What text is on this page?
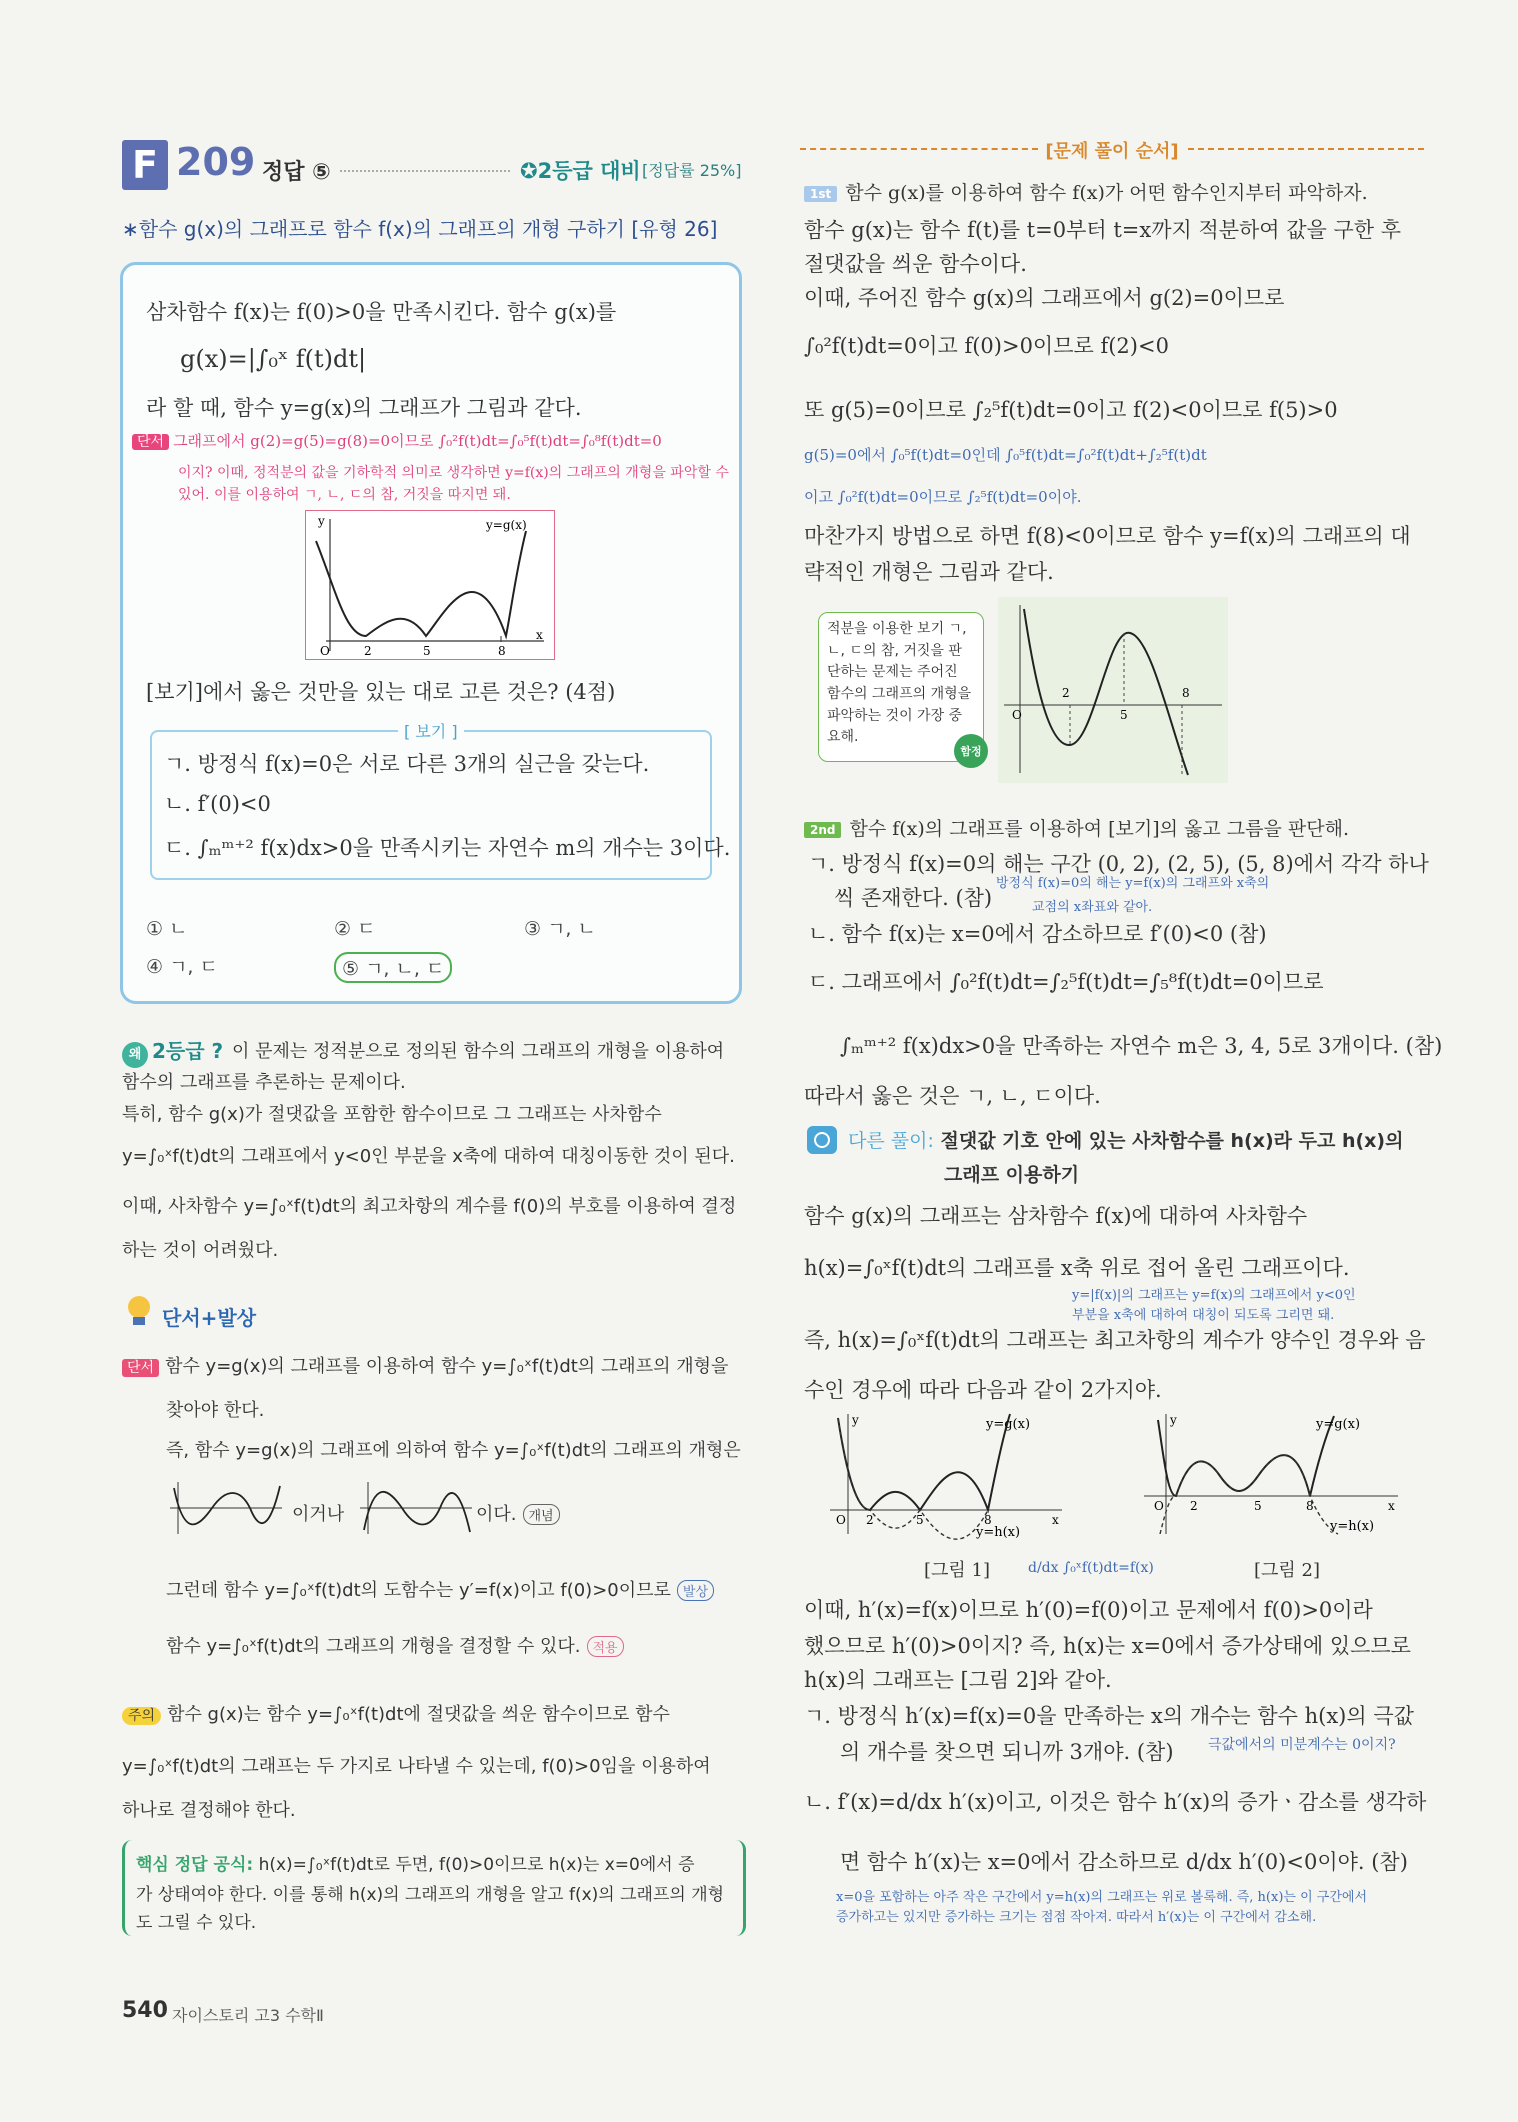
F 209 정답 ⑤	✪2등급 대비 [정답률 25%]
∗함수 g(x)의 그래프로 함수 f(x)의 그래프의 개형 구하기 [유형 26]
삼차함수 f(x)는 f(0)>0을 만족시킨다. 함수 g(x)를
g(x)=|∫₀ˣ f(t)dt|
라 할 때, 함수 y=g(x)의 그래프가 그림과 같다.
단서 그래프에서 g(2)=g(5)=g(8)=0이므로 ∫₀²f(t)dt=∫₀⁵f(t)dt=∫₀⁸f(t)dt=0
이지? 이때, 정적분의 값을 기하학적 의미로 생각하면 y=f(x)의 그래프의 개형을 파악할 수
있어. 이를 이용하여 ㄱ, ㄴ, ㄷ의 참, 거짓을 따지면 돼.
y
x
y=g(x)
O	2	5	8
[보기]에서 옳은 것만을 있는 대로 고른 것은? (4점)
[ 보기 ]
ㄱ. 방정식 f(x)=0은 서로 다른 3개의 실근을 갖는다.
ㄴ. f′(0)<0
ㄷ. ∫ₘᵐ⁺² f(x)dx>0을 만족시키는 자연수 m의 개수는 3이다.
① ㄴ	② ㄷ	③ ㄱ, ㄴ
④ ㄱ, ㄷ	⑤ ㄱ, ㄴ, ㄷ
왜 2등급 ? 이 문제는 정적분으로 정의된 함수의 그래프의 개형을 이용하여
함수의 그래프를 추론하는 문제이다.
특히, 함수 g(x)가 절댓값을 포함한 함수이므로 그 그래프는 사차함수
y=∫₀ˣf(t)dt의 그래프에서 y<0인 부분을 x축에 대하여 대칭이동한 것이 된다.
이때, 사차함수 y=∫₀ˣf(t)dt의 최고차항의 계수를 f(0)의 부호를 이용하여 결정
하는 것이 어려웠다.
단서+발상
단서 함수 y=g(x)의 그래프를 이용하여 함수 y=∫₀ˣf(t)dt의 그래프의 개형을
찾아야 한다.
즉, 함수 y=g(x)의 그래프에 의하여 함수 y=∫₀ˣf(t)dt의 그래프의 개형은
이거나	이다. 개념
그런데 함수 y=∫₀ˣf(t)dt의 도함수는 y′=f(x)이고 f(0)>0이므로 발상
함수 y=∫₀ˣf(t)dt의 그래프의 개형을 결정할 수 있다. 적용
주의 함수 g(x)는 함수 y=∫₀ˣf(t)dt에 절댓값을 씌운 함수이므로 함수
y=∫₀ˣf(t)dt의 그래프는 두 가지로 나타낼 수 있는데, f(0)>0임을 이용하여
하나로 결정해야 한다.
핵심 정답 공식: h(x)=∫₀ˣf(t)dt로 두면, f(0)>0이므로 h(x)는 x=0에서 증
가 상태여야 한다. 이를 통해 h(x)의 그래프의 개형을 알고 f(x)의 그래프의 개형
도 그릴 수 있다.
540 자이스토리 고3 수학Ⅱ
[문제 풀이 순서]
1st 함수 g(x)를 이용하여 함수 f(x)가 어떤 함수인지부터 파악하자.
함수 g(x)는 함수 f(t)를 t=0부터 t=x까지 적분하여 값을 구한 후
절댓값을 씌운 함수이다.
이때, 주어진 함수 g(x)의 그래프에서 g(2)=0이므로
∫₀²f(t)dt=0이고 f(0)>0이므로 f(2)<0
또 g(5)=0이므로 ∫₂⁵f(t)dt=0이고 f(2)<0이므로 f(5)>0
g(5)=0에서 ∫₀⁵f(t)dt=0인데 ∫₀⁵f(t)dt=∫₀²f(t)dt+∫₂⁵f(t)dt
이고 ∫₀²f(t)dt=0이므로 ∫₂⁵f(t)dt=0이야.
마찬가지 방법으로 하면 f(8)<0이므로 함수 y=f(x)의 그래프의 대
략적인 개형은 그림과 같다.
적분을 이용한 보기 ㄱ, ㄴ, ㄷ의 참, 거짓을 판단하는 문제는 주어진 함수의 그래프의 개형을 파악하는 것이 가장 중요해.
함정
O
2
5
8
2nd 함수 f(x)의 그래프를 이용하여 [보기]의 옳고 그름을 판단해.
ㄱ. 방정식 f(x)=0의 해는 구간 (0, 2), (2, 5), (5, 8)에서 각각 하나
씩 존재한다. (참)
방정식 f(x)=0의 해는 y=f(x)의 그래프와 x축의
교점의 x좌표와 같아.
ㄴ. 함수 f(x)는 x=0에서 감소하므로 f′(0)<0 (참)
ㄷ. 그래프에서 ∫₀²f(t)dt=∫₂⁵f(t)dt=∫₅⁸f(t)dt=0이므로
∫ₘᵐ⁺² f(x)dx>0을 만족하는 자연수 m은 3, 4, 5로 3개이다. (참)
따라서 옳은 것은 ㄱ, ㄴ, ㄷ이다.
다른 풀이: 절댓값 기호 안에 있는 사차함수를 h(x)라 두고 h(x)의
그래프 이용하기
함수 g(x)의 그래프는 삼차함수 f(x)에 대하여 사차함수
h(x)=∫₀ˣf(t)dt의 그래프를 x축 위로 접어 올린 그래프이다.
y=|f(x)|의 그래프는 y=f(x)의 그래프에서 y<0인
부분을 x축에 대하여 대칭이 되도록 그리면 돼.
즉, h(x)=∫₀ˣf(t)dt의 그래프는 최고차항의 계수가 양수인 경우와 음
수인 경우에 따라 다음과 같이 2가지야.
y=g(x)
y=h(x)
O 2	5	8	x
y	y=g(x)
y=h(x)
O 2	5	8	x
y
[그림 1]	d/dx ∫₀ˣf(t)dt=f(x)	[그림 2]
이때, h′(x)=f(x)이므로 h′(0)=f(0)이고 문제에서 f(0)>0이라
했으므로 h′(0)>0이지? 즉, h(x)는 x=0에서 증가상태에 있으므로
h(x)의 그래프는 [그림 2]와 같아.
ㄱ. 방정식 h′(x)=f(x)=0을 만족하는 x의 개수는 함수 h(x)의 극값
의 개수를 찾으면 되니까 3개야. (참) 극값에서의 미분계수는 0이지?
ㄴ. f′(x)=d/dx h′(x)이고, 이것은 함수 h′(x)의 증가ㆍ감소를 생각하
면 함수 h′(x)는 x=0에서 감소하므로 d/dx h′(0)<0이야. (참)
x=0을 포함하는 아주 작은 구간에서 y=h(x)의 그래프는 위로 볼록해. 즉, h(x)는 이 구간에서
증가하고는 있지만 증가하는 크기는 점점 작아져. 따라서 h′(x)는 이 구간에서 감소해.
